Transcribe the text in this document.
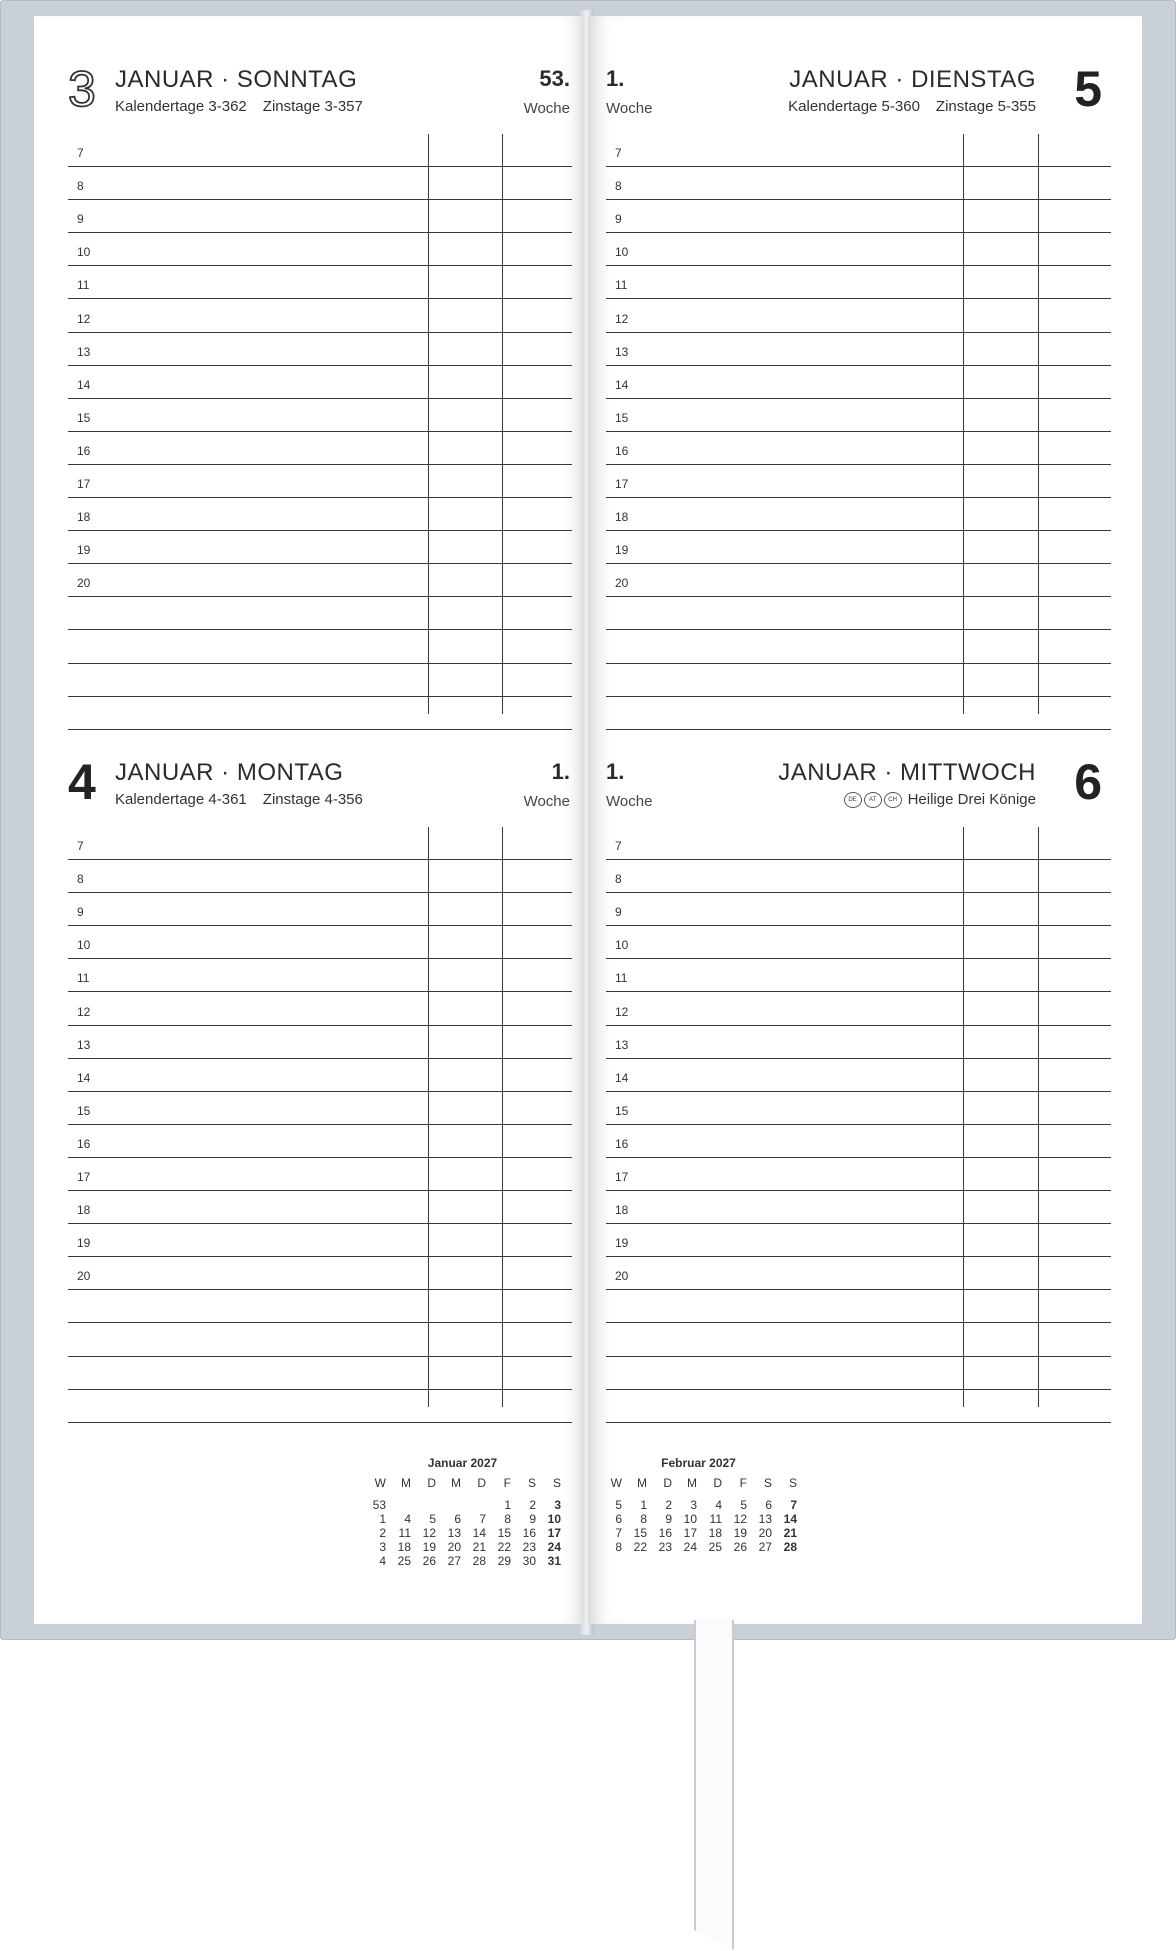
3 JANUAR · SONNTAG
Kalendertage 3-362 Zinstage 3-357
53.
Woche
7
8
9
10
11
12
13
14
15
16
17
18
19
20
4 JANUAR · MONTAG
Kalendertage 4-361 Zinstage 4-356
1.
Woche
7
8
9
10
11
12
13
14
15
16
17
18
19
20
Januar 2027
W	M	D	M	D	F	S	S
53					1	2	3
1	4	5	6	7	8	9	10
2	11	12	13	14	15	16	17
3	18	19	20	21	22	23	24
4	25	26	27	28	29	30	31
5
JANUAR · DIENSTAG
Kalendertage 5-360 Zinstage 5-355
1.
Woche
7
8
9
10
11
12
13
14
15
16
17
18
19
20
6
JANUAR · MITTWOCH
DE AT CH Heilige Drei Könige
1.
Woche
7
8
9
10
11
12
13
14
15
16
17
18
19
20
Februar 2027
W	M	D	M	D	F	S	S
5	1	2	3	4	5	6	7
6	8	9	10	11	12	13	14
7	15	16	17	18	19	20	21
8	22	23	24	25	26	27	28
